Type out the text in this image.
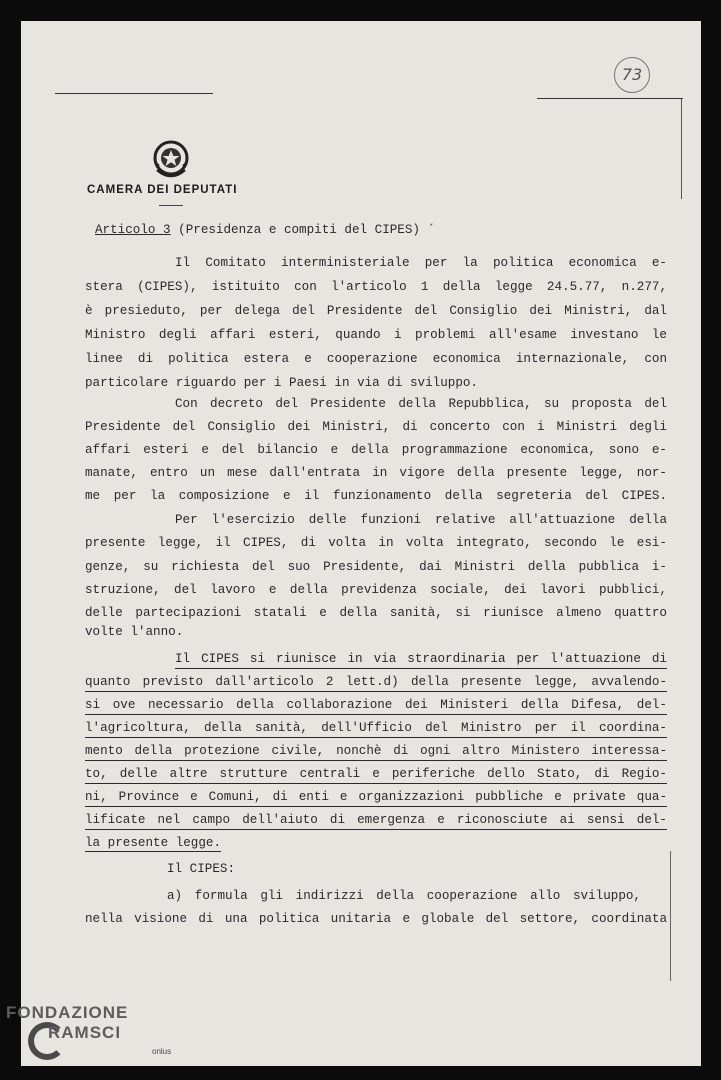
73
CAMERA DEI DEPUTATI
Articolo 3 (Presidenza e compiti del CIPES) ´
Il Comitato interministeriale per la politica economica e-
stera (CIPES), istituito con l'articolo 1 della legge 24.5.77, n.277,
è presieduto, per delega del Presidente del Consiglio dei Ministri, dal
Ministro degli affari esteri, quando i problemi all'esame investano le
linee di politica estera e cooperazione economica internazionale, con
particolare riguardo per i Paesi in via di sviluppo.
Con decreto del Presidente della Repubblica, su proposta del
Presidente del Consiglio dei Ministri, di concerto con i Ministri degli
affari esteri e del bilancio e della programmazione economica, sono e-
manate, entro un mese dall'entrata in vigore della presente legge, nor-
me per la composizione e il funzionamento della segreteria del CIPES.
Per l'esercizio delle funzioni relative all'attuazione della
presente legge, il CIPES, di volta in volta integrato, secondo le esi-
genze, su richiesta del suo Presidente, dai Ministri della pubblica i-
struzione, del lavoro e della previdenza sociale, dei lavori pubblici,
delle partecipazioni statali e della sanità, si riunisce almeno quattro
volte l'anno.
Il CIPES si riunisce in via straordinaria per l'attuazione di
quanto previsto dall'articolo 2 lett.d) della presente legge, avvalendo-
si ove necessario della collaborazione dei Ministeri della Difesa, del-
l'agricoltura, della sanità, dell'Ufficio del Ministro per il coordina-
mento della protezione civile, nonchè di ogni altro Ministero interessa-
to, delle altre strutture centrali e periferiche dello Stato, di Regio-
ni, Province e Comuni, di enti e organizzazioni pubbliche e private qua-
lificate nel campo dell'aiuto di emergenza e riconosciute ai sensi del-
la presente legge.
Il CIPES:
a) formula gli indirizzi della cooperazione allo sviluppo,
nella visione di una politica unitaria e globale del settore, coordinata
FONDAZIONE
RAMSCI
onlus
